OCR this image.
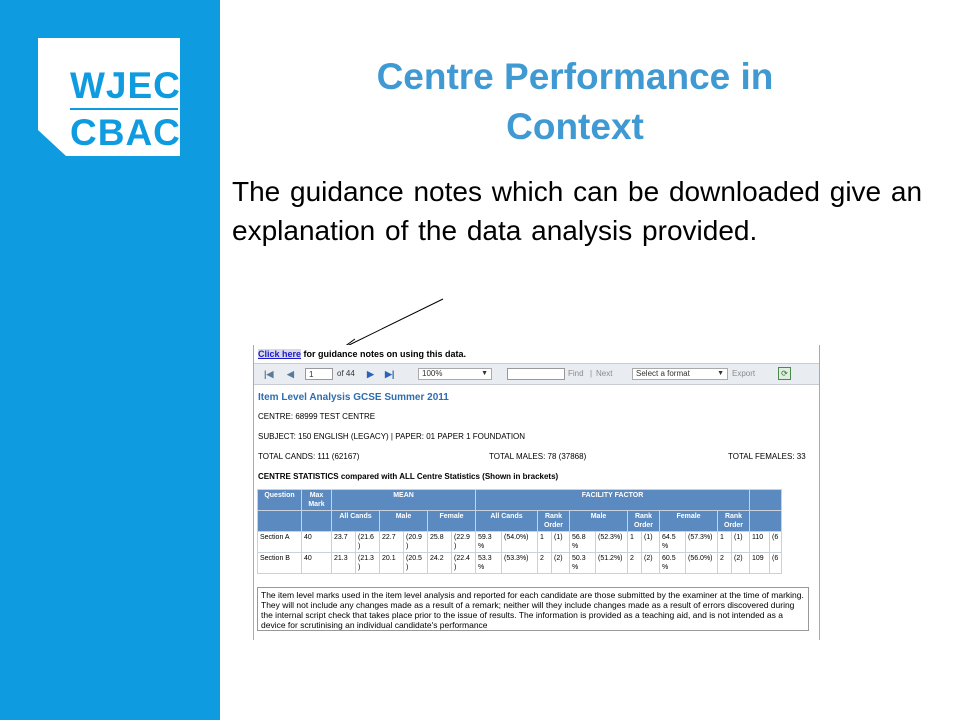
WJEC
CBAC
Centre Performance in
Context
The guidance notes which can be downloaded give an explanation of the data analysis provided.
Click here for guidance notes on using this data.
|◀ ◀	1	of 44 ▶ ▶|	100%	▼	Find | Next	Select a format	▼ Export	⟳
Item Level Analysis GCSE Summer 2011
CENTRE: 68999 TEST CENTRE
SUBJECT: 150 ENGLISH (LEGACY) | PAPER: 01 PAPER 1 FOUNDATION
TOTAL CANDS: 111 (62167)	TOTAL MALES: 78 (37868)	TOTAL FEMALES: 33
CENTRE STATISTICS compared with ALL Centre Statistics (Shown in brackets)
Question	Max Mark	MEAN						FACILITY FACTOR													
		All Cands		Male		Female		All Cands		Rank Order		Male		Rank Order		Female		Rank Order			
Section A	40	23.7	(21.6 )	22.7	(20.9 )	25.8	(22.9 )	59.3 %	(54.0%)	1	(1)	56.8 %	(52.3%)	1	(1)	64.5 %	(57.3%)	1	(1)	110	(6
Section B	40	21.3	(21.3 )	20.1	(20.5 )	24.2	(22.4 )	53.3 %	(53.3%)	2	(2)	50.3 %	(51.2%)	2	(2)	60.5 %	(56.0%)	2	(2)	109	(6
The item level marks used in the item level analysis and reported for each candidate are those submitted by the examiner at the time of marking. They will not include any changes made as a result of a remark; neither will they include changes made as a result of errors discovered during the internal script check that takes place prior to the issue of results. The information is provided as a teaching aid, and is not intended as a device for scrutinising an individual candidate's performance
